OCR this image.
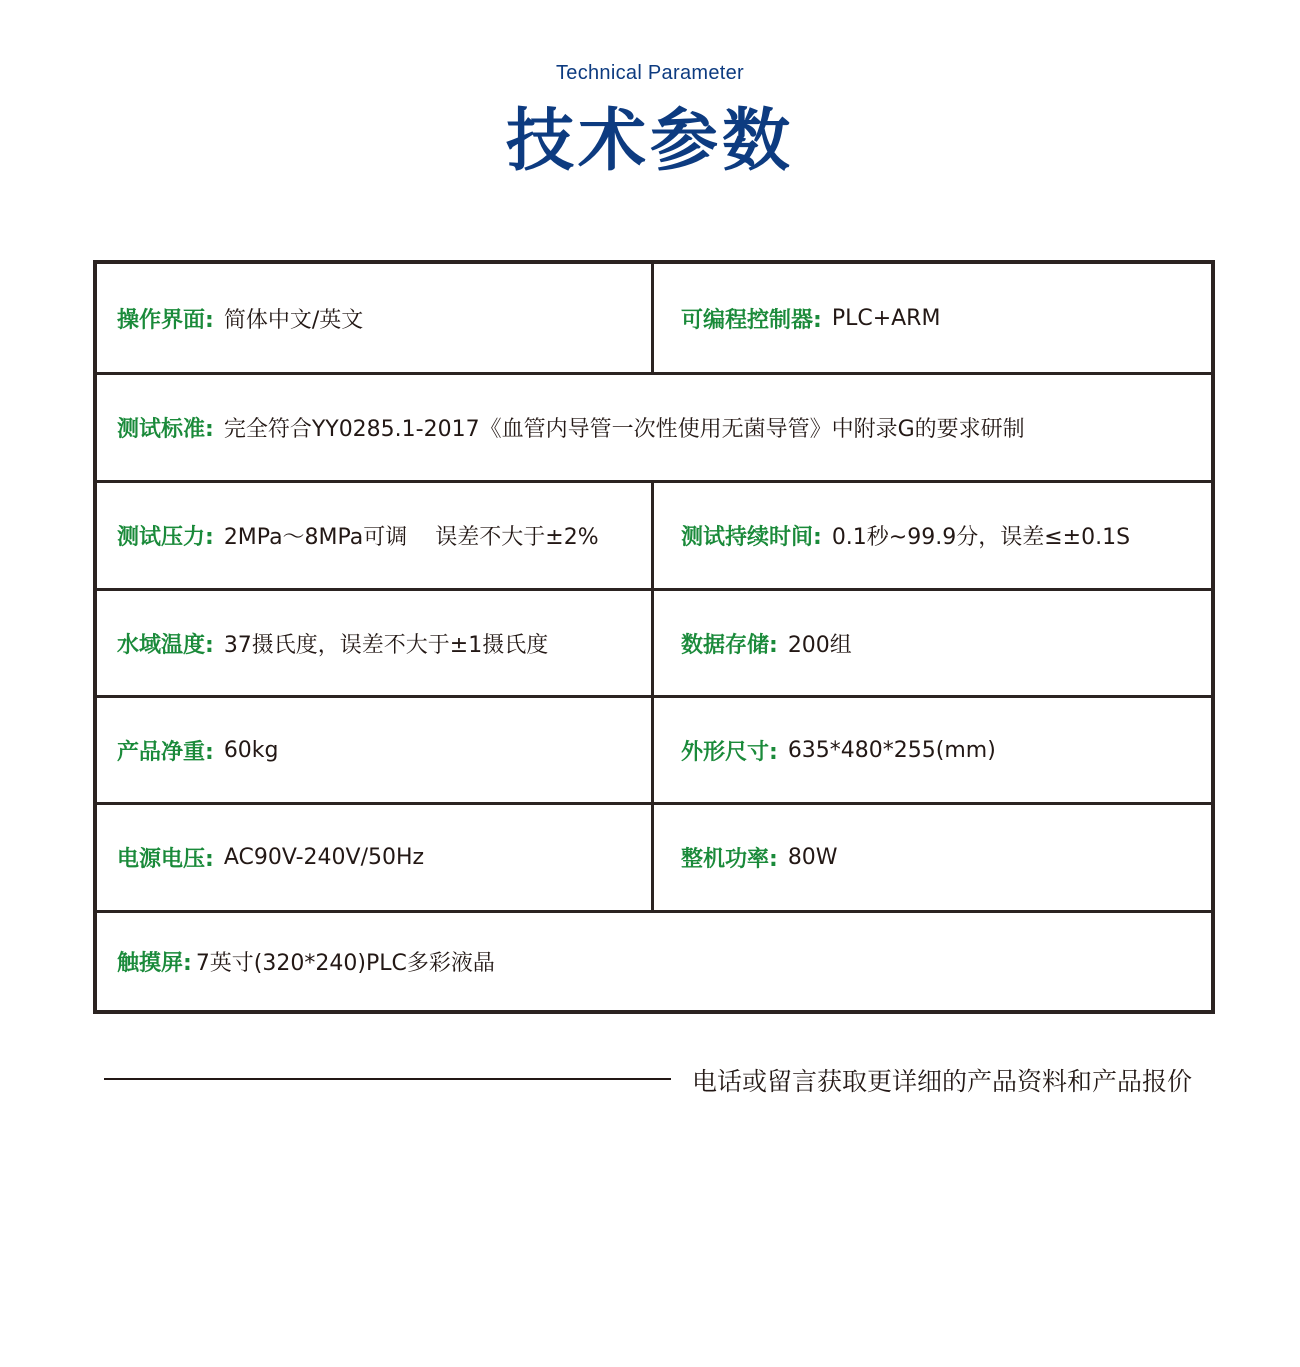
Technical Parameter
技术参数
操作界面: 简体中文/英文	可编程控制器: PLC+ARM
测试标准: 完全符合YY0285.1-2017《血管内导管一次性使用无菌导管》中附录G的要求研制
测试压力: 2MPa～8MPa可调    误差不大于±2%	测试持续时间: 0.1秒~99.9分，误差≤±0.1S
水域温度: 37摄氏度，误差不大于±1摄氏度	数据存储: 200组
产品净重: 60kg	外形尺寸: 635*480*255(mm)
电源电压: AC90V-240V/50Hz	整机功率: 80W
触摸屏: 7英寸(320*240)PLC多彩液晶
电话或留言获取更详细的产品资料和产品报价
